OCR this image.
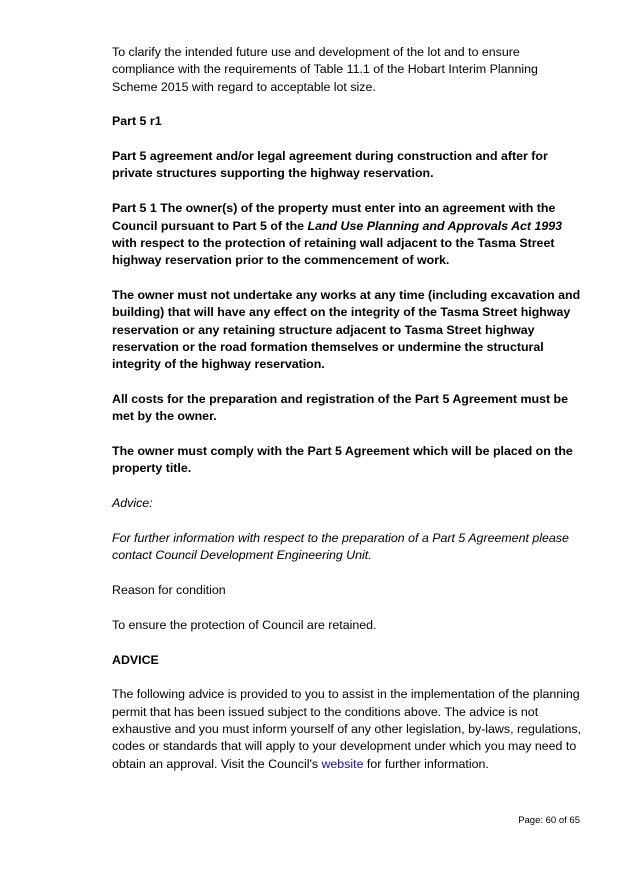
To clarify the intended future use and development of the lot and to ensure compliance with the requirements of Table 11.1 of the Hobart Interim Planning Scheme 2015 with regard to acceptable lot size.

Part 5 r1

Part 5 agreement and/or legal agreement during construction and after for private structures supporting the highway reservation.

Part 5 1 The owner(s) of the property must enter into an agreement with the Council pursuant to Part 5 of the Land Use Planning and Approvals Act 1993 with respect to the protection of retaining wall adjacent to the Tasma Street highway reservation prior to the commencement of work.

The owner must not undertake any works at any time (including excavation and building) that will have any effect on the integrity of the Tasma Street highway reservation or any retaining structure adjacent to Tasma Street highway reservation or the road formation themselves or undermine the structural integrity of the highway reservation.

All costs for the preparation and registration of the Part 5 Agreement must be met by the owner.

The owner must comply with the Part 5 Agreement which will be placed on the property title.

Advice:

For further information with respect to the preparation of a Part 5 Agreement please contact Council Development Engineering Unit.

Reason for condition

To ensure the protection of Council are retained.

ADVICE

The following advice is provided to you to assist in the implementation of the planning permit that has been issued subject to the conditions above. The advice is not exhaustive and you must inform yourself of any other legislation, by-laws, regulations, codes or standards that will apply to your development under which you may need to obtain an approval. Visit the Council's website for further information.

Page: 60 of 65
